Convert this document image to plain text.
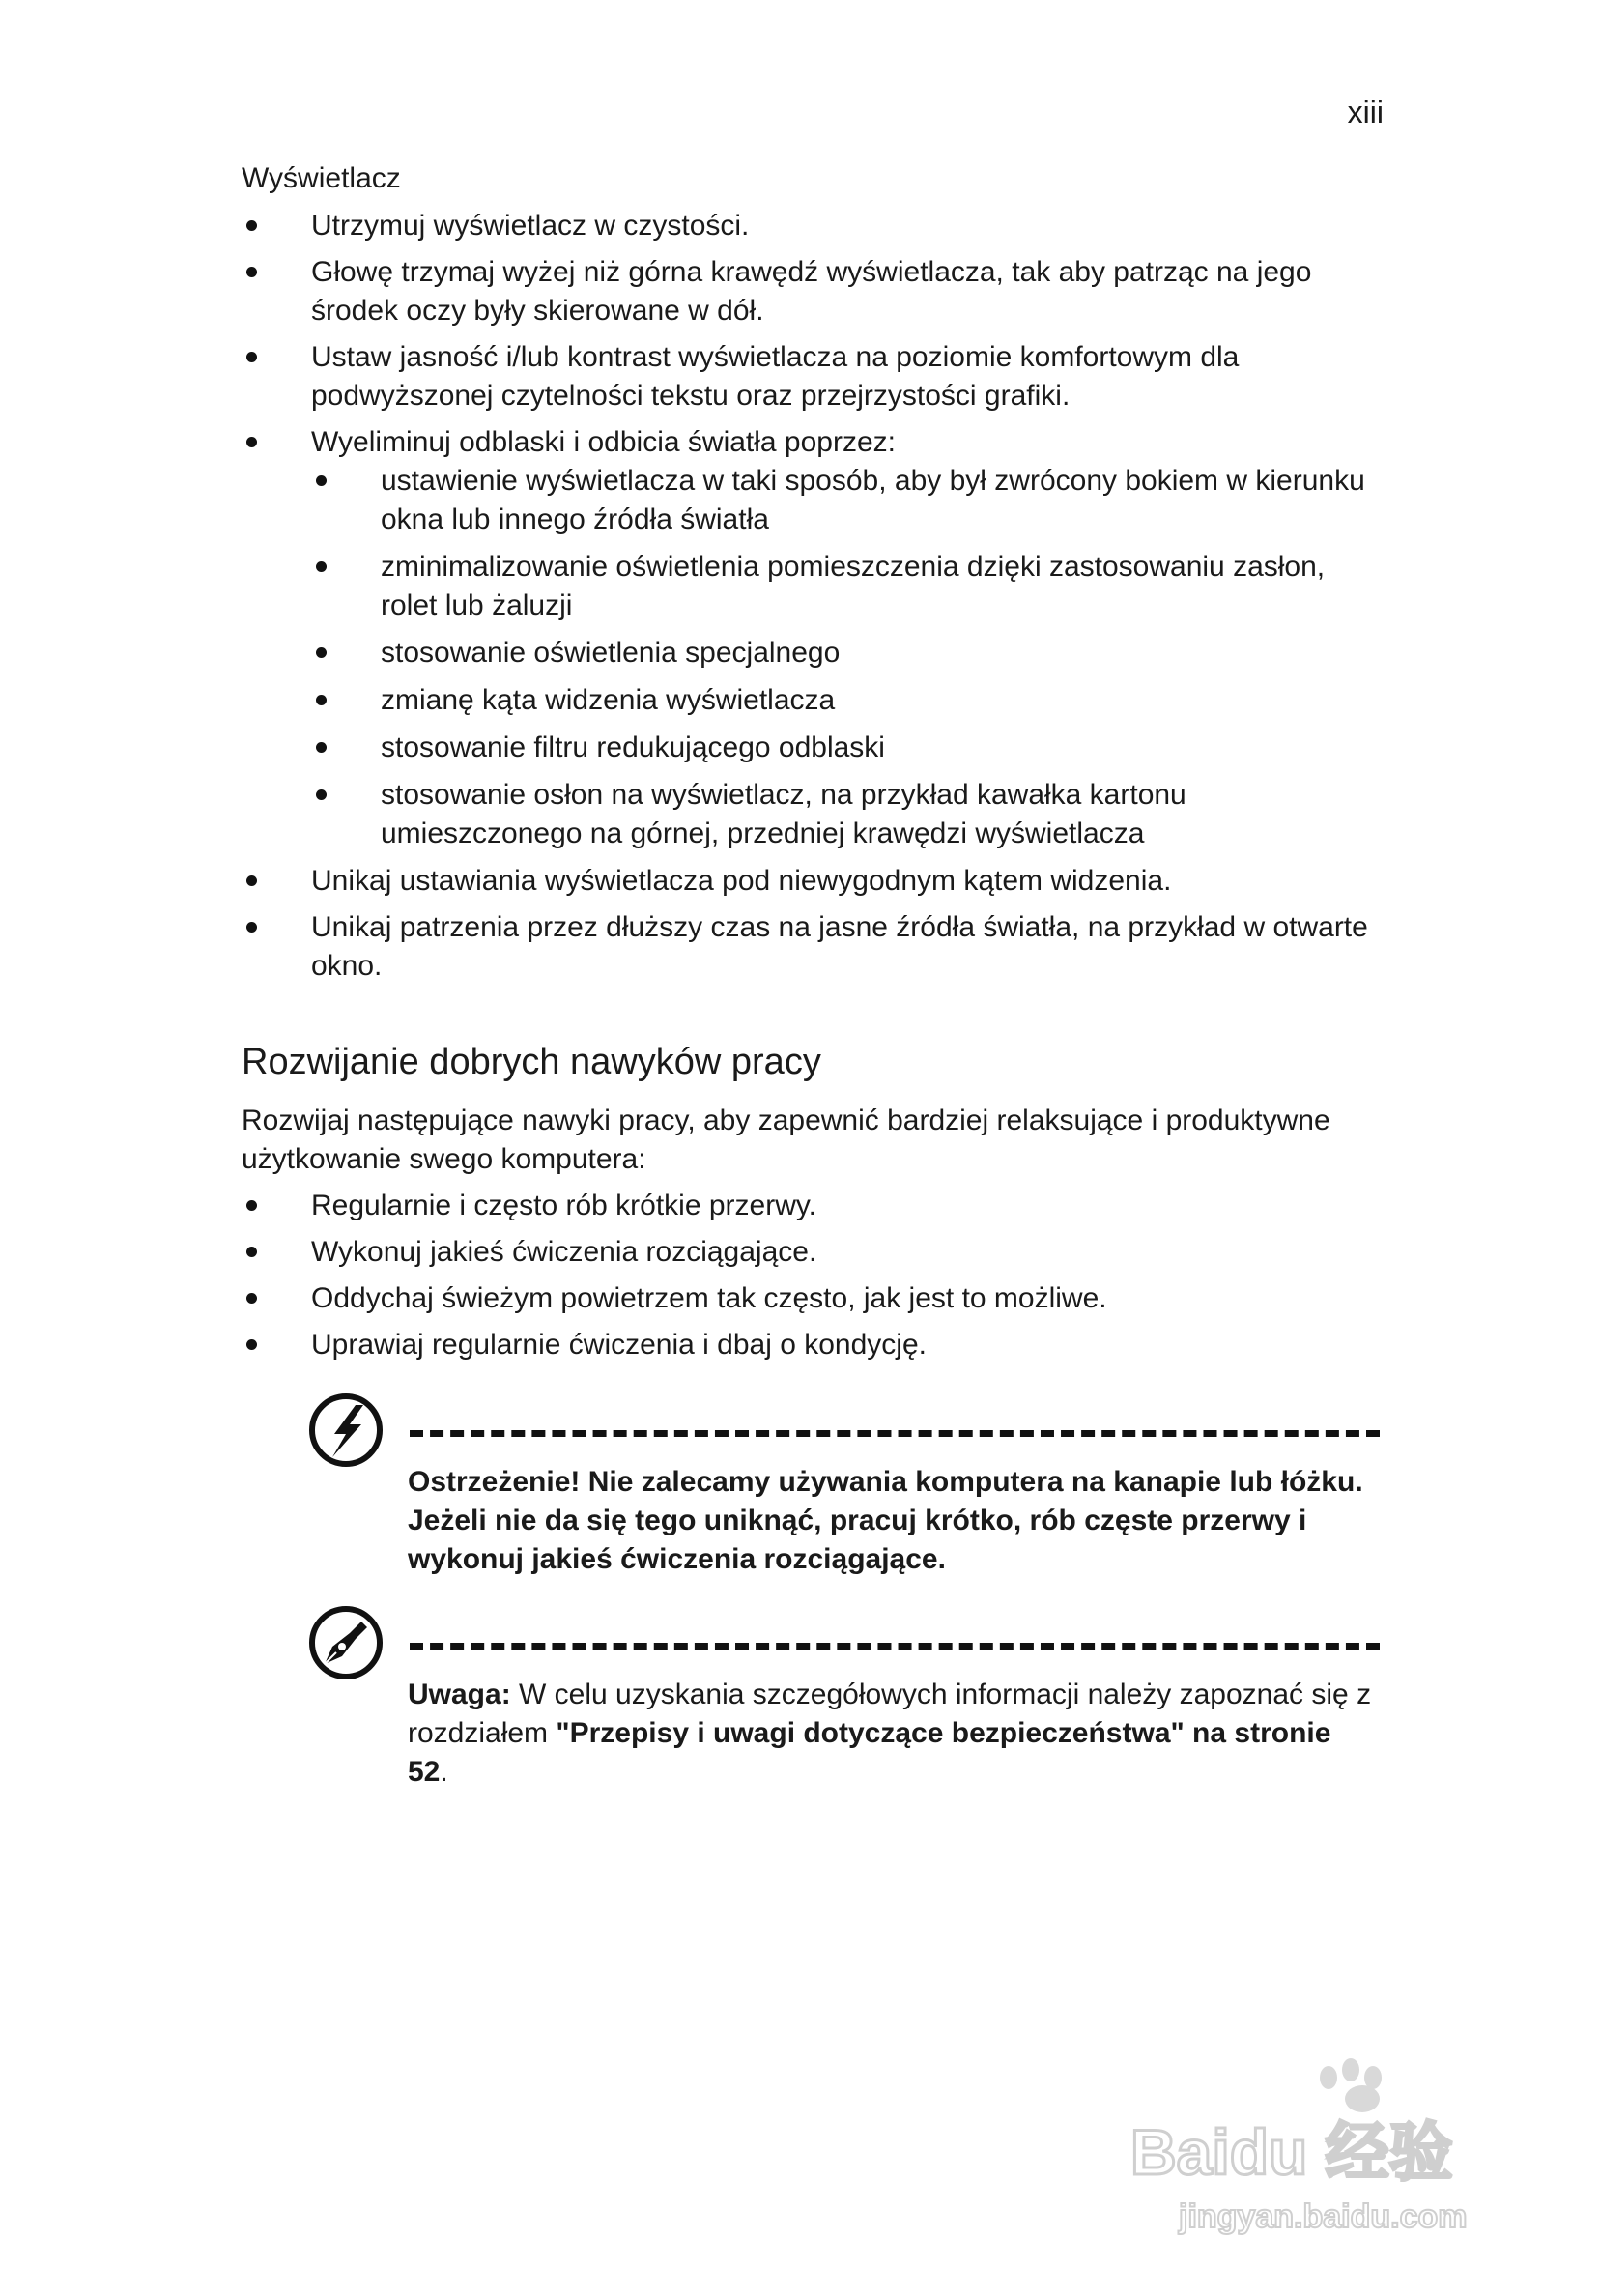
xiii
Wyświetlacz
Utrzymuj wyświetlacz w czystości.
Głowę trzymaj wyżej niż górna krawędź wyświetlacza, tak aby patrząc na jego środek oczy były skierowane w dół.
Ustaw jasność i/lub kontrast wyświetlacza na poziomie komfortowym dla podwyższonej czytelności tekstu oraz przejrzystości grafiki.
Wyeliminuj odblaski i odbicia światła poprzez:
ustawienie wyświetlacza w taki sposób, aby był zwrócony bokiem w kierunku okna lub innego źródła światła
zminimalizowanie oświetlenia pomieszczenia dzięki zastosowaniu zasłon, rolet lub żaluzji
stosowanie oświetlenia specjalnego
zmianę kąta widzenia wyświetlacza
stosowanie filtru redukującego odblaski
stosowanie osłon na wyświetlacz, na przykład kawałka kartonu umieszczonego na górnej, przedniej krawędzi wyświetlacza
Unikaj ustawiania wyświetlacza pod niewygodnym kątem widzenia.
Unikaj patrzenia przez dłuższy czas na jasne źródła światła, na przykład w otwarte okno.
Rozwijanie dobrych nawyków pracy

Rozwijaj następujące nawyki pracy, aby zapewnić bardziej relaksujące i produktywne użytkowanie swego komputera:

Regularnie i często rób krótkie przerwy.
Wykonuj jakieś ćwiczenia rozciągające.
Oddychaj świeżym powietrzem tak często, jak jest to możliwe.
Uprawiaj regularnie ćwiczenia i dbaj o kondycję.

Ostrzeżenie! Nie zalecamy używania komputera na kanapie lub łóżku. Jeżeli nie da się tego uniknąć, pracuj krótko, rób częste przerwy i wykonuj jakieś ćwiczenia rozciągające.

Uwaga: W celu uzyskania szczegółowych informacji należy zapoznać się z rozdziałem "Przepisy i uwagi dotyczące bezpieczeństwa" na stronie 52.

Baidu 经验
jingyan.baidu.com
